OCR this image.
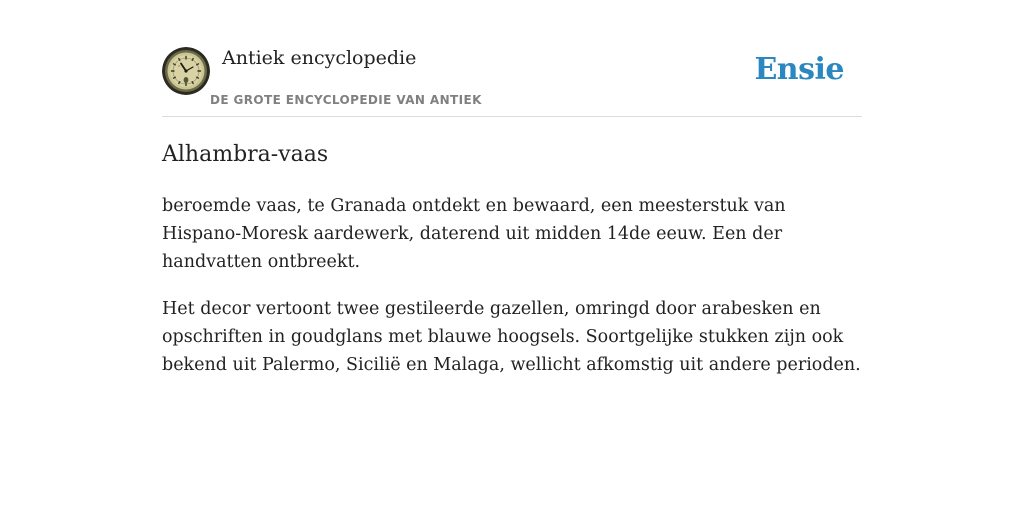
Antiek encyclopedie
DE GROTE ENCYCLOPEDIE VAN ANTIEK
Ensie
Alhambra-vaas

beroemde vaas, te Granada ontdekt en bewaard, een meesterstuk van Hispano-Moresk aardewerk, daterend uit midden 14de eeuw. Een der handvatten ontbreekt.

Het decor vertoont twee gestileerde gazellen, omringd door arabesken en opschriften in goudglans met blauwe hoogsels. Soortgelijke stukken zijn ook bekend uit Palermo, Sicilië en Malaga, wellicht afkomstig uit andere perioden.
